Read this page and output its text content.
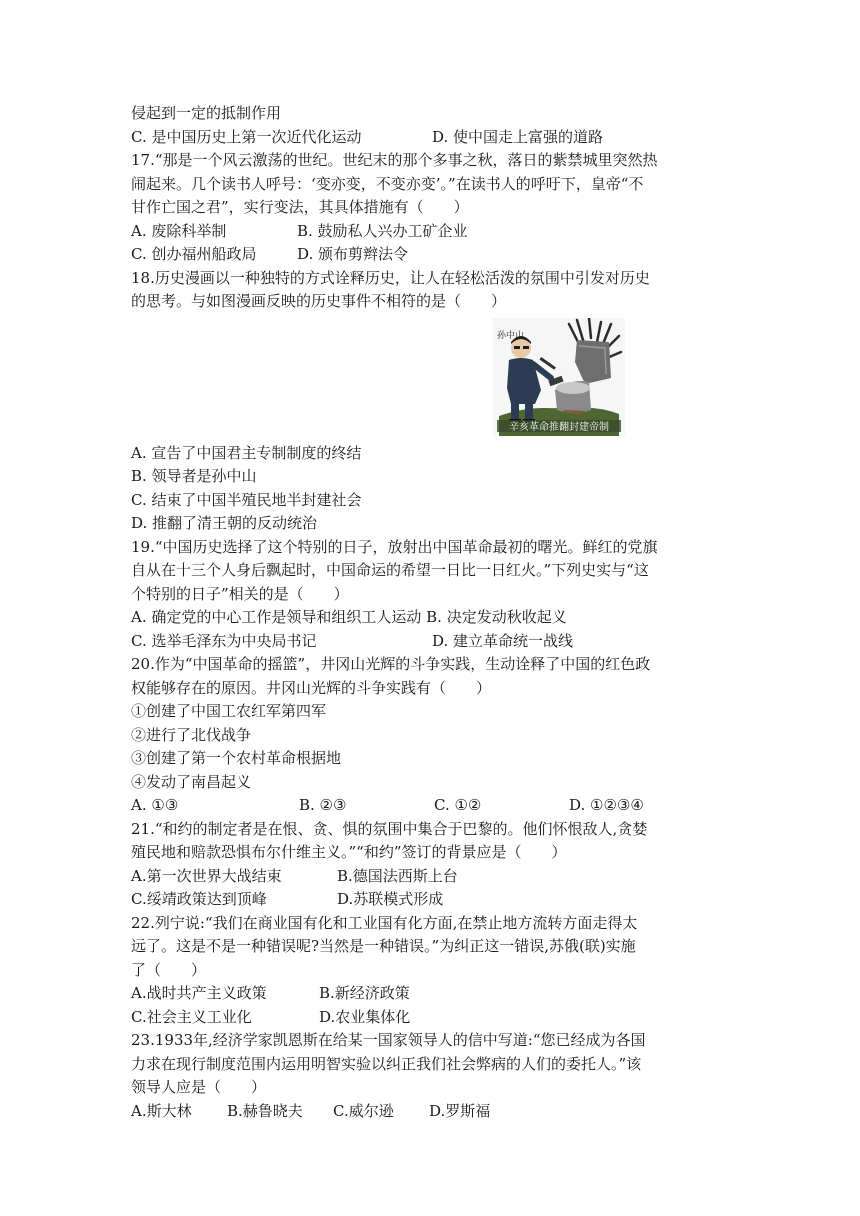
侵起到一定的抵制作用
C. 是中国历史上第一次近代化运动	D. 使中国走上富强的道路
17.“那是一个风云激荡的世纪。世纪末的那个多事之秋，落日的紫禁城里突然热
闹起来。几个读书人呼号：‘变亦变，不变亦变’。”在读书人的呼吁下，皇帝“不
甘作亡国之君”，实行变法，其具体措施有（　　）
A. 废除科举制	B. 鼓励私人兴办工矿企业
C. 创办福州船政局	D. 颁布剪辫法令
18.历史漫画以一种独特的方式诠释历史，让人在轻松活泼的氛围中引发对历史
的思考。与如图漫画反映的历史事件不相符的是（　　）
孙中山
辛亥革命推翻封建帝制
A. 宣告了中国君主专制制度的终结
B. 领导者是孙中山
C. 结束了中国半殖民地半封建社会
D. 推翻了清王朝的反动统治
19.“中国历史选择了这个特别的日子，放射出中国革命最初的曙光。鲜红的党旗
自从在十三个人身后飘起时，中国命运的希望一日比一日红火。”下列史实与“这
个特别的日子”相关的是（　　）
A. 确定党的中心工作是领导和组织工人运动 B. 决定发动秋收起义
C. 选举毛泽东为中央局书记	D. 建立革命统一战线
20.作为“中国革命的摇篮”，井冈山光辉的斗争实践，生动诠释了中国的红色政
权能够存在的原因。井冈山光辉的斗争实践有（　　）
①创建了中国工农红军第四军
②进行了北伐战争
③创建了第一个农村革命根据地
④发动了南昌起义
A. ①③	B. ②③	C. ①②	D. ①②③④
21.“和约的制定者是在恨、贪、惧的氛围中集合于巴黎的。他们怀恨敌人,贪婪
殖民地和赔款恐惧布尔什维主义。”“和约”签订的背景应是（　　）
A.第一次世界大战结束	B.德国法西斯上台
C.绥靖政策达到顶峰	D.苏联模式形成
22.列宁说:“我们在商业国有化和工业国有化方面,在禁止地方流转方面走得太
远了。这是不是一种错误呢?当然是一种错误。”为纠正这一错误,苏俄(联)实施
了（　　）
A.战时共产主义政策	B.新经济政策
C.社会主义工业化	D.农业集体化
23.1933年,经济学家凯恩斯在给某一国家领导人的信中写道:“您已经成为各国
力求在现行制度范围内运用明智实验以纠正我们社会弊病的人们的委托人。”该
领导人应是（　　）
A.斯大林	B.赫鲁晓夫	C.威尔逊	D.罗斯福
